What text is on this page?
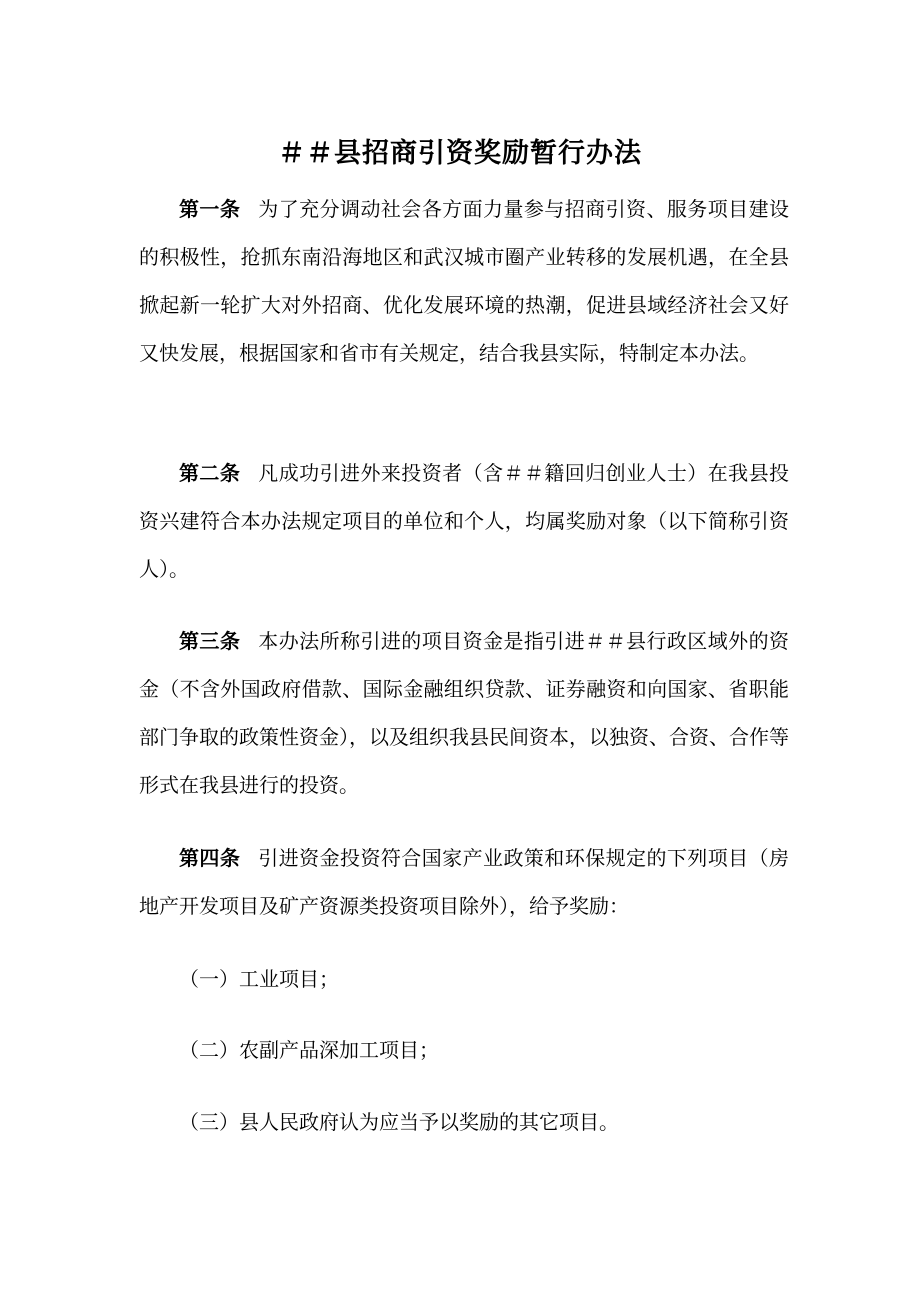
＃＃县招商引资奖励暂行办法

第一条 为了充分调动社会各方面力量参与招商引资、服务项目建设的积极性，抢抓东南沿海地区和武汉城市圈产业转移的发展机遇，在全县掀起新一轮扩大对外招商、优化发展环境的热潮，促进县域经济社会又好又快发展，根据国家和省市有关规定，结合我县实际，特制定本办法。

第二条 凡成功引进外来投资者（含＃＃籍回归创业人士）在我县投资兴建符合本办法规定项目的单位和个人，均属奖励对象（以下简称引资人）。

第三条 本办法所称引进的项目资金是指引进＃＃县行政区域外的资金（不含外国政府借款、国际金融组织贷款、证券融资和向国家、省职能部门争取的政策性资金），以及组织我县民间资本，以独资、合资、合作等形式在我县进行的投资。

第四条 引进资金投资符合国家产业政策和环保规定的下列项目（房地产开发项目及矿产资源类投资项目除外），给予奖励：

（一）工业项目；

（二）农副产品深加工项目；

（三）县人民政府认为应当予以奖励的其它项目。
